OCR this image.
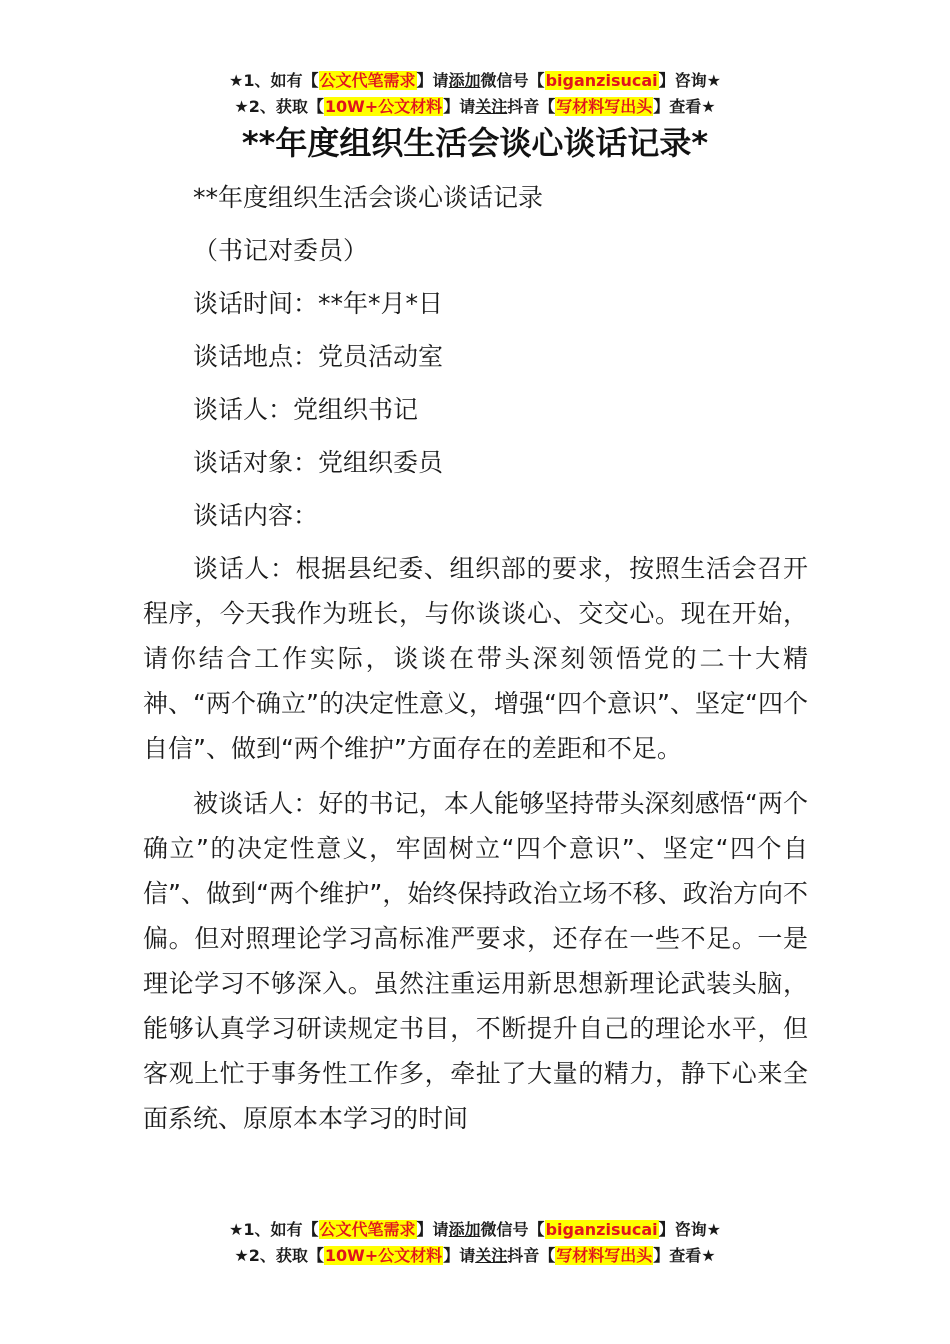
★1、如有【公文代笔需求】请添加微信号【biganzisucai】咨询★
★2、获取【10W+公文材料】请关注抖音【写材料写出头】查看★
**年度组织生活会谈心谈话记录*

**年度组织生活会谈心谈话记录

（书记对委员）

谈话时间：**年*月*日

谈话地点：党员活动室

谈话人：党组织书记

谈话对象：党组织委员

谈话内容：

谈话人：根据县纪委、组织部的要求，按照生活会召开程序，今天我作为班长，与你谈谈心、交交心。现在开始，请你结合工作实际，谈谈在带头深刻领悟党的二十大精神、“两个确立”的决定性意义，增强“四个意识”、坚定“四个自信”、做到“两个维护”方面存在的差距和不足。

被谈话人：好的书记，本人能够坚持带头深刻感悟“两个确立”的决定性意义，牢固树立“四个意识”、坚定“四个自信”、做到“两个维护”，始终保持政治立场不移、政治方向不偏。但对照理论学习高标准严要求，还存在一些不足。一是理论学习不够深入。虽然注重运用新思想新理论武装头脑，能够认真学习研读规定书目，不断提升自己的理论水平，但客观上忙于事务性工作多，牵扯了大量的精力，静下心来全面系统、原原本本学习的时间

★1、如有【公文代笔需求】请添加微信号【biganzisucai】咨询★
★2、获取【10W+公文材料】请关注抖音【写材料写出头】查看★
